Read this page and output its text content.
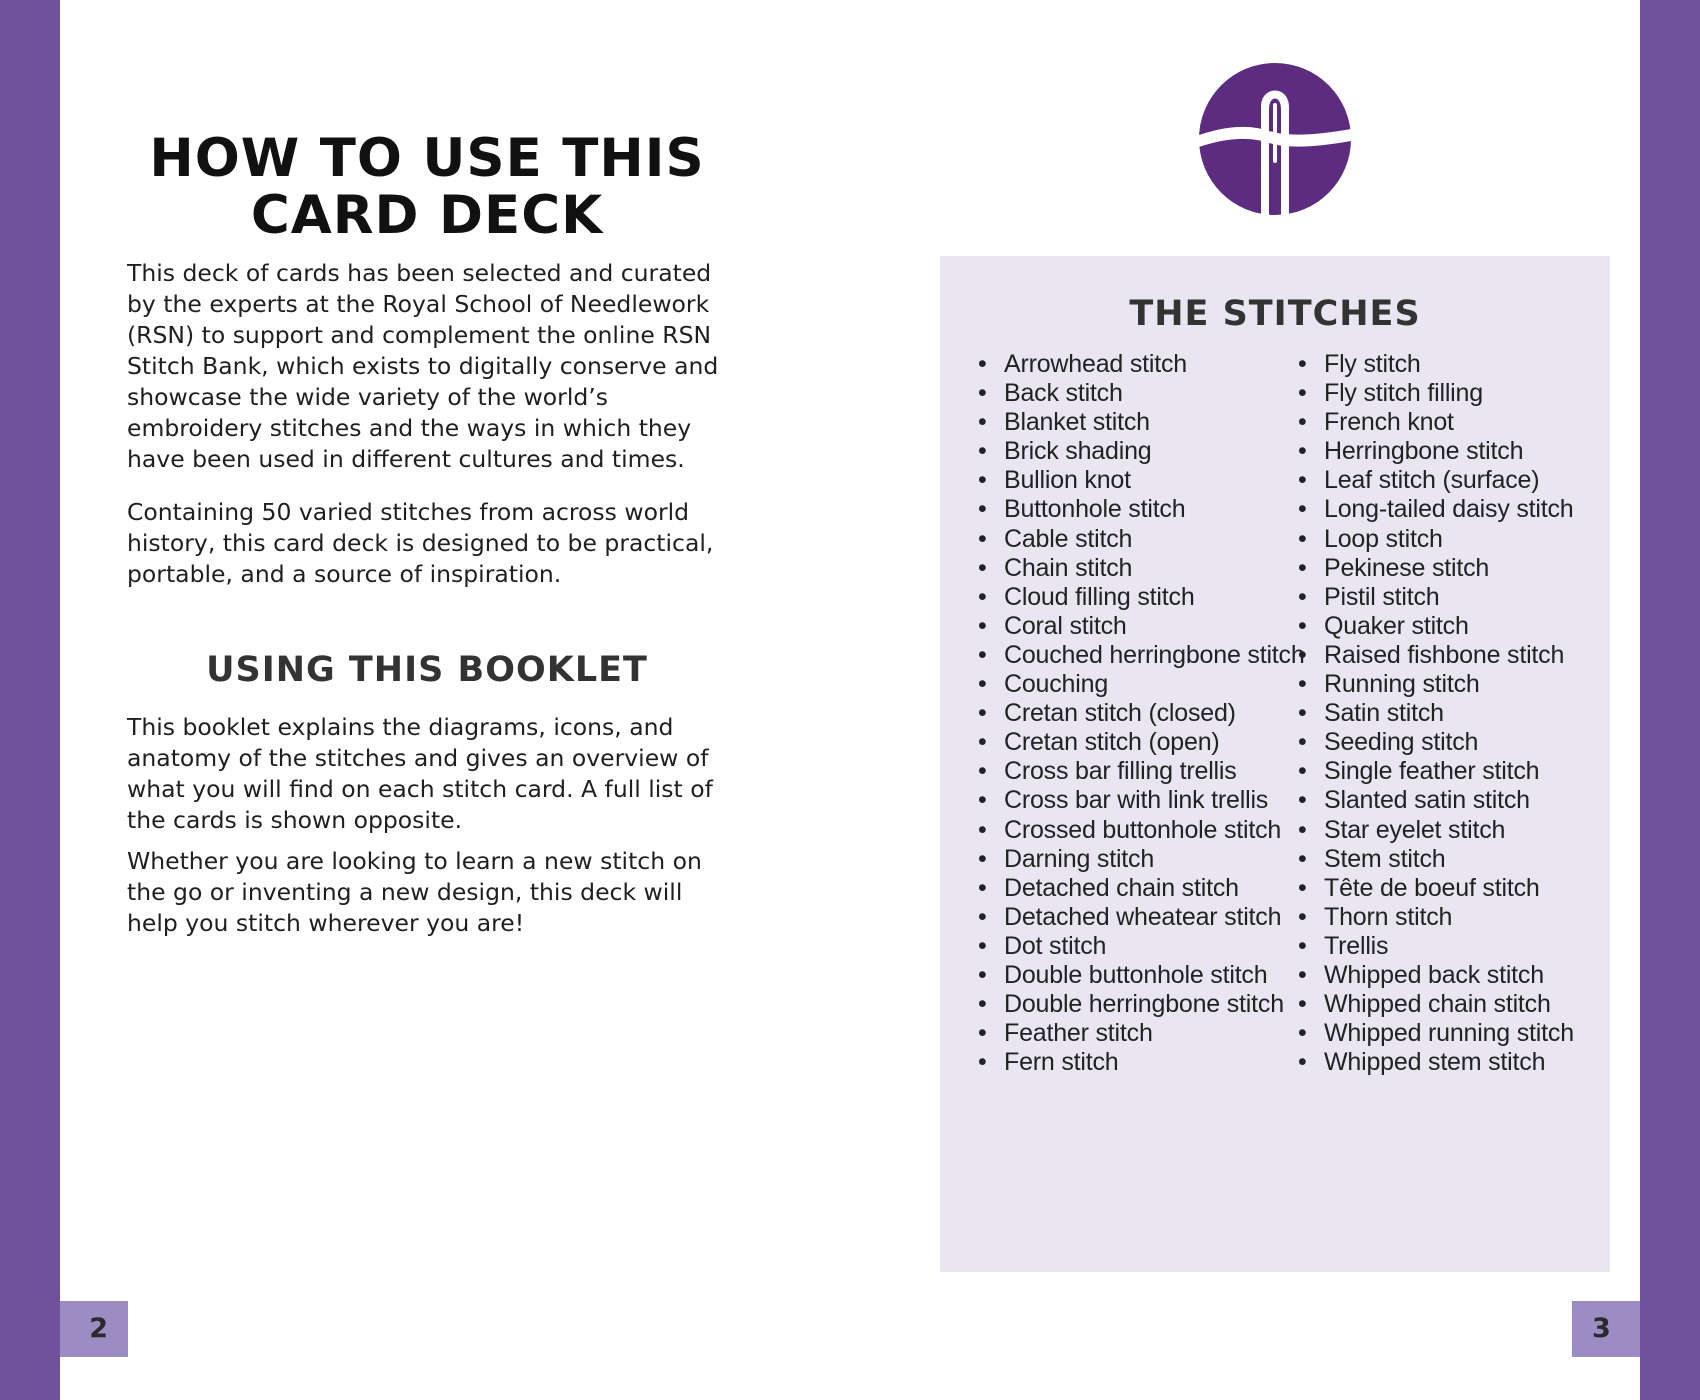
2	3
HOW TO USE THIS
CARD DECK

This deck of cards has been selected and curated by the experts at the Royal School of Needlework (RSN) to support and complement the online RSN Stitch Bank, which exists to digitally conserve and showcase the wide variety of the world’s embroidery stitches and the ways in which they have been used in different cultures and times.

Containing 50 varied stitches from across world history, this card deck is designed to be practical, portable, and a source of inspiration.

USING THIS BOOKLET

This booklet explains the diagrams, icons, and anatomy of the stitches and gives an overview of what you will find on each stitch card. A full list of the cards is shown opposite.

Whether you are looking to learn a new stitch on the go or inventing a new design, this deck will help you stitch wherever you are!

THE STITCHES
• Arrowhead stitch
• Back stitch
• Blanket stitch
• Brick shading
• Bullion knot
• Buttonhole stitch
• Cable stitch
• Chain stitch
• Cloud filling stitch
• Coral stitch
• Couched herringbone stitch
• Couching
• Cretan stitch (closed)
• Cretan stitch (open)
• Cross bar filling trellis
• Cross bar with link trellis
• Crossed buttonhole stitch
• Darning stitch
• Detached chain stitch
• Detached wheatear stitch
• Dot stitch
• Double buttonhole stitch
• Double herringbone stitch
• Feather stitch
• Fern stitch
• Fly stitch
• Fly stitch filling
• French knot
• Herringbone stitch
• Leaf stitch (surface)
• Long-tailed daisy stitch
• Loop stitch
• Pekinese stitch
• Pistil stitch
• Quaker stitch
• Raised fishbone stitch
• Running stitch
• Satin stitch
• Seeding stitch
• Single feather stitch
• Slanted satin stitch
• Star eyelet stitch
• Stem stitch
• Tête de boeuf stitch
• Thorn stitch
• Trellis
• Whipped back stitch
• Whipped chain stitch
• Whipped running stitch
• Whipped stem stitch
